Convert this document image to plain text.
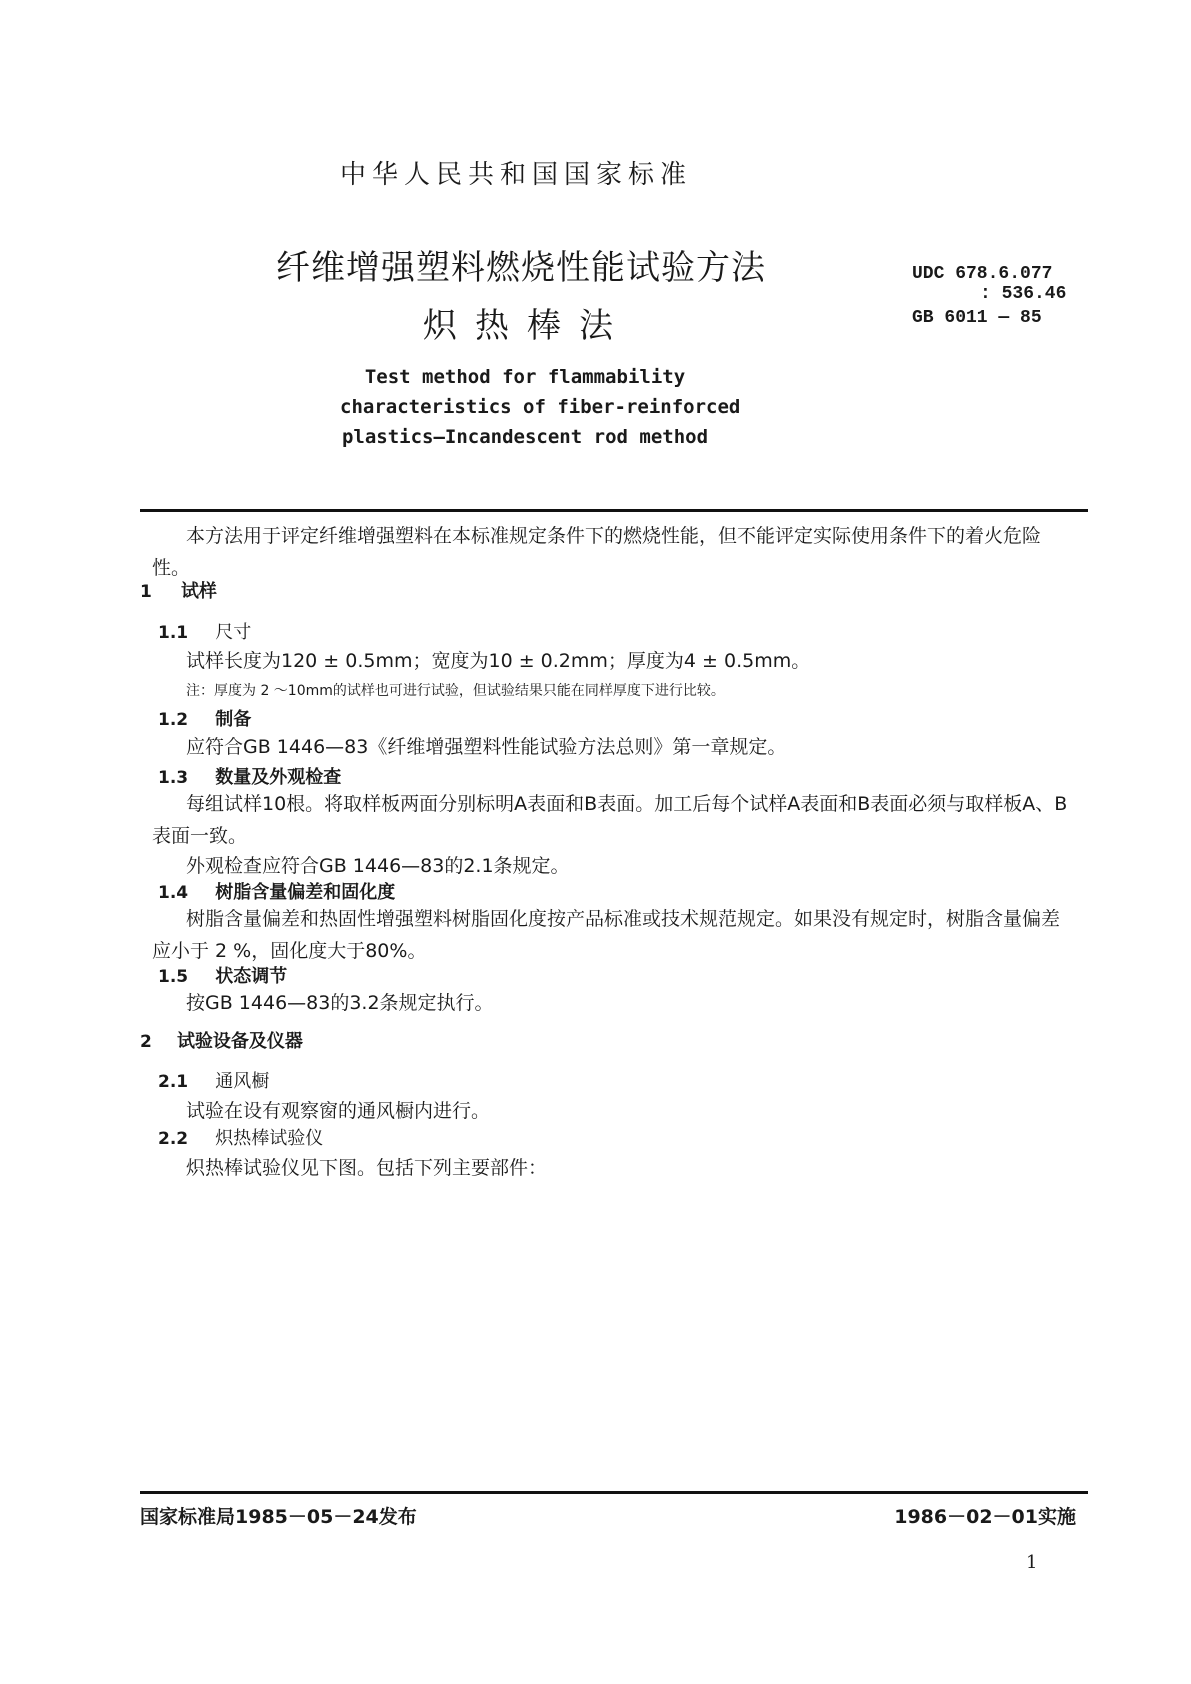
中华人民共和国国家标准
纤维增强塑料燃烧性能试验方法
炽热棒法
Test method for flammability
characteristics of fiber-reinforced
plastics—Incandescent rod method
UDC 678.6.077
: 536.46
GB 6011 — 85
本方法用于评定纤维增强塑料在本标准规定条件下的燃烧性能，但不能评定实际使用条件下的着火危险性。
1 试样
1.1 尺寸
试样长度为120 ± 0.5mm；宽度为10 ± 0.2mm；厚度为4 ± 0.5mm。
注：厚度为 2 ～10mm的试样也可进行试验，但试验结果只能在同样厚度下进行比较。
1.2 制备
应符合GB 1446—83《纤维增强塑料性能试验方法总则》第一章规定。
1.3 数量及外观检查
每组试样10根。将取样板两面分别标明A表面和B表面。加工后每个试样A表面和B表面必须与取样板A、B表面一致。
外观检查应符合GB 1446—83的2.1条规定。
1.4 树脂含量偏差和固化度
树脂含量偏差和热固性增强塑料树脂固化度按产品标准或技术规范规定。如果没有规定时，树脂含量偏差应小于 2 %，固化度大于80%。
1.5 状态调节
按GB 1446—83的3.2条规定执行。
2 试验设备及仪器
2.1 通风橱
试验在设有观察窗的通风橱内进行。
2.2 炽热棒试验仪
炽热棒试验仪见下图。包括下列主要部件：
国家标准局1985－05－24发布	1986－02－01实施
1
